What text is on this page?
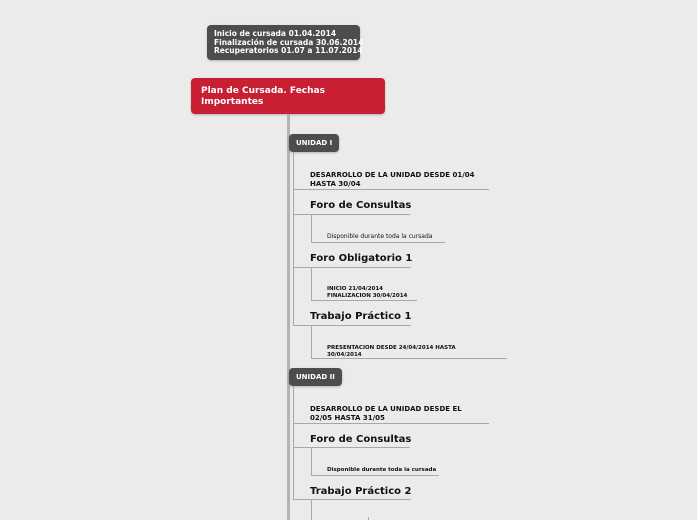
Inicio de cursada 01.04.2014
Finalización de cursada 30.06.2014
Recuperatorios 01.07 a 11.07.2014
Plan de Cursada. Fechas
Importantes
UNIDAD I
DESARROLLO DE LA UNIDAD DESDE 01/04
HASTA 30/04
Foro de Consultas
Disponible durante toda la cursada
Foro Obligatorio 1
INICIO 21/04/2014
FINALIZACION 30/04/2014
Trabajo Práctico 1
PRESENTACION DESDE 24/04/2014 HASTA
30/04/2014
UNIDAD II
DESARROLLO DE LA UNIDAD DESDE EL
02/05 HASTA 31/05
Foro de Consultas
Disponible durante toda la cursada
Trabajo Práctico 2
